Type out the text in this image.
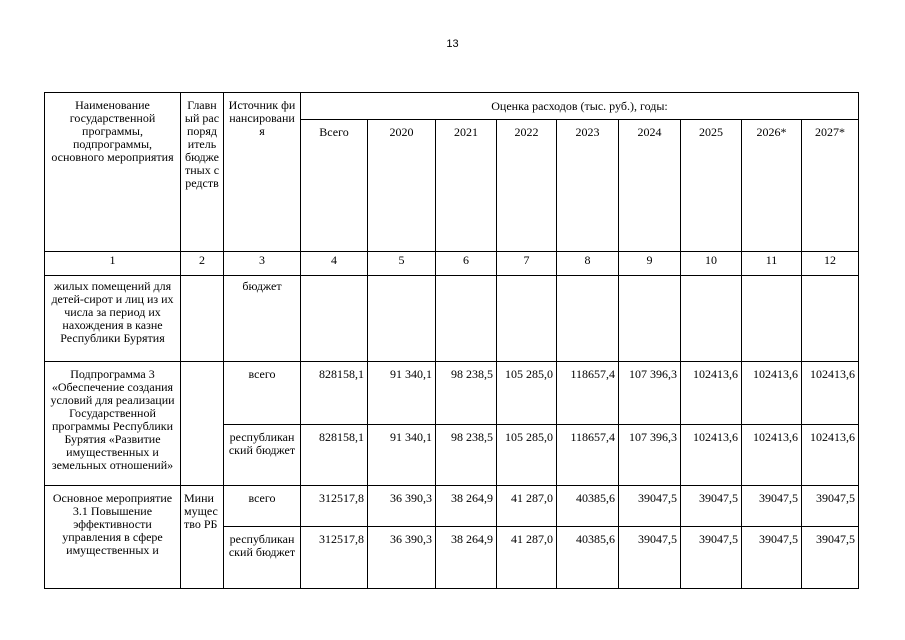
13
Наименование государственной программы, подпрограммы, основного мероприятия	Главный распорядитель бюджетных средств	Источник финансирования	Оценка расходов (тыс. руб.), годы:								
			Всего	2020	2021	2022	2023	2024	2025	2026*	2027*
1	2	3	4	5	6	7	8	9	10	11	12
жилых помещений для детей-сирот и лиц из их числа за период их нахождения в казне Республики Бурятия		бюджет									
Подпрограмма 3 «Обеспечение создания условий для реализации Государственной программы Республики Бурятия «Развитие имущественных и земельных отношений»		всего	828158,1	91 340,1	98 238,5	105 285,0	118657,4	107 396,3	102413,6	102413,6	102413,6
		республиканский бюджет	828158,1	91 340,1	98 238,5	105 285,0	118657,4	107 396,3	102413,6	102413,6	102413,6
Основное мероприятие 3.1 Повышение эффективности управления в сфере имущественных и	Минимущество РБ	всего	312517,8	36 390,3	38 264,9	41 287,0	40385,6	39047,5	39047,5	39047,5	39047,5
		республиканский бюджет	312517,8	36 390,3	38 264,9	41 287,0	40385,6	39047,5	39047,5	39047,5	39047,5
